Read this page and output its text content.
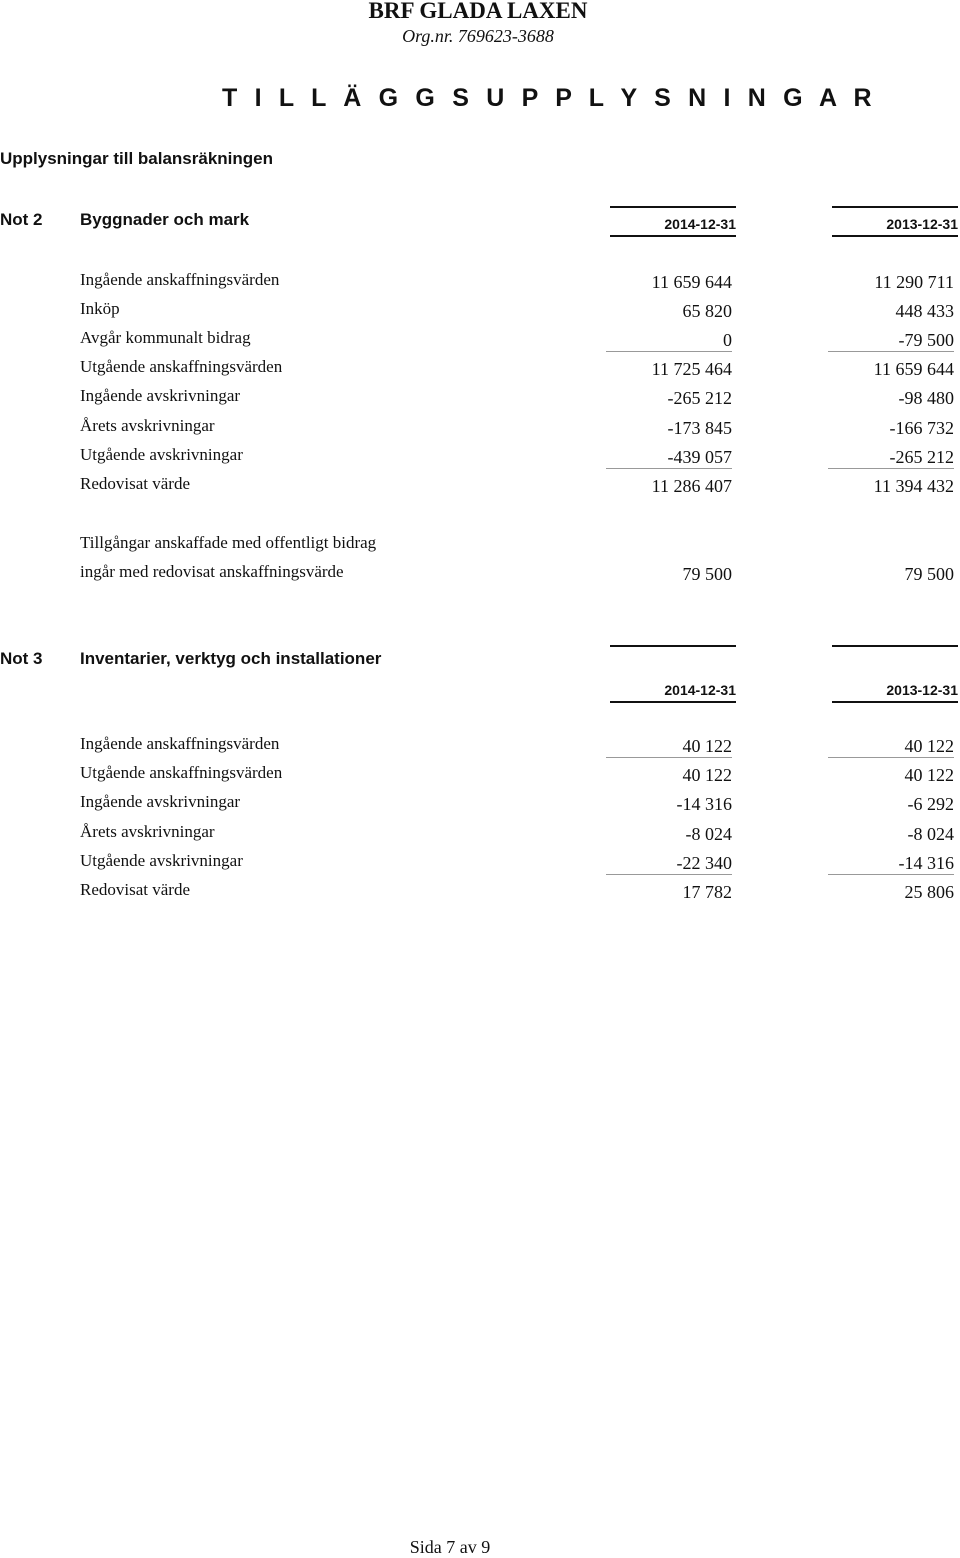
BRF GLADA LAXEN
Org.nr. 769623-3688
T I L L Ä G G S U P P L Y S N I N G A R
Upplysningar till balansräkningen
Not 2 Byggnader och mark	2014-12-31	2013-12-31
Ingående anskaffningsvärden	11 659 644	11 290 711
Inköp	65 820	448 433
Avgår kommunalt bidrag	0	-79 500
Utgående anskaffningsvärden	11 725 464	11 659 644
Ingående avskrivningar	-265 212	-98 480
Årets avskrivningar	-173 845	-166 732
Utgående avskrivningar	-439 057	-265 212
Redovisat värde	11 286 407	11 394 432
Tillgångar anskaffade med offentligt bidrag
ingår med redovisat anskaffningsvärde	79 500	79 500
Not 3 Inventarier, verktyg och installationer
2014-12-31	2013-12-31
Ingående anskaffningsvärden	40 122	40 122
Utgående anskaffningsvärden	40 122	40 122
Ingående avskrivningar	-14 316	-6 292
Årets avskrivningar	-8 024	-8 024
Utgående avskrivningar	-22 340	-14 316
Redovisat värde	17 782	25 806
Sida 7 av 9
